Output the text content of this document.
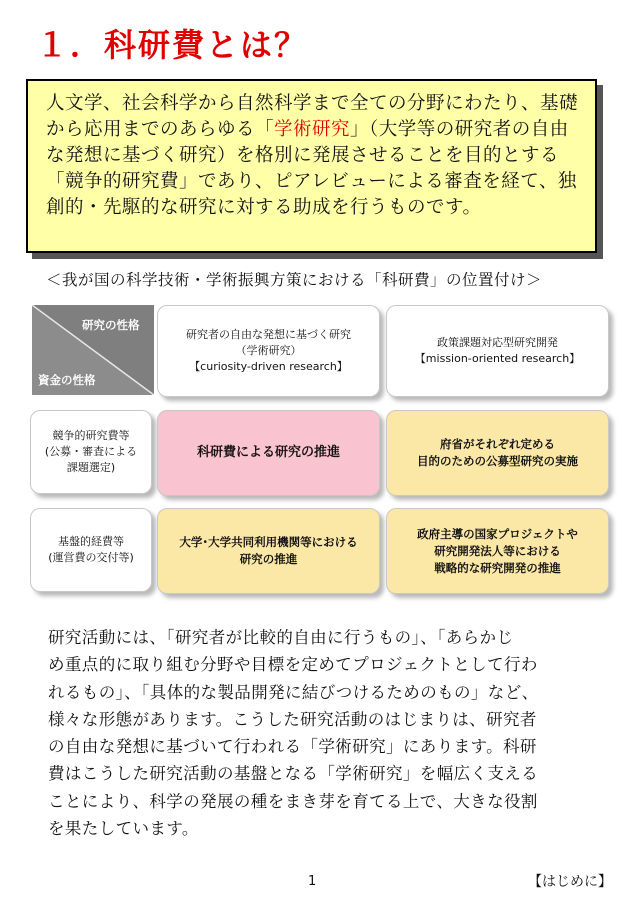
１．科研費とは？

人文学、社会科学から自然科学まで全ての分野にわたり、基礎から応用までのあらゆる「学術研究」（大学等の研究者の自由な発想に基づく研究）を格別に発展させることを目的とする「競争的研究費」であり、ピアレビューによる審査を経て、独創的・先駆的な研究に対する助成を行うものです。

＜我が国の科学技術・学術振興方策における「科研費」の位置付け＞
研究の性格
資金の性格
研究者の自由な発想に基づく研究
（学術研究）
【curiosity-driven research】
政策課題対応型研究開発
【mission-oriented research】
競争的研究費等
(公募・審査による
課題選定)
科研費による研究の推進
府省がそれぞれ定める
目的のための公募型研究の実施
基盤的経費等
(運営費の交付等)
大学･大学共同利用機関等における
研究の推進
政府主導の国家プロジェクトや
研究開発法人等における
戦略的な研究開発の推進
研究活動には、「研究者が比較的自由に行うもの」、「あらかじ
め重点的に取り組む分野や目標を定めてプロジェクトとして行わ
れるもの」、「具体的な製品開発に結びつけるためのもの」など、
様々な形態があります。こうした研究活動のはじまりは、研究者
の自由な発想に基づいて行われる「学術研究」にあります。科研
費はこうした研究活動の基盤となる「学術研究」を幅広く支える
ことにより、科学の発展の種をまき芽を育てる上で、大きな役割
を果たしています。
1	【はじめに】
